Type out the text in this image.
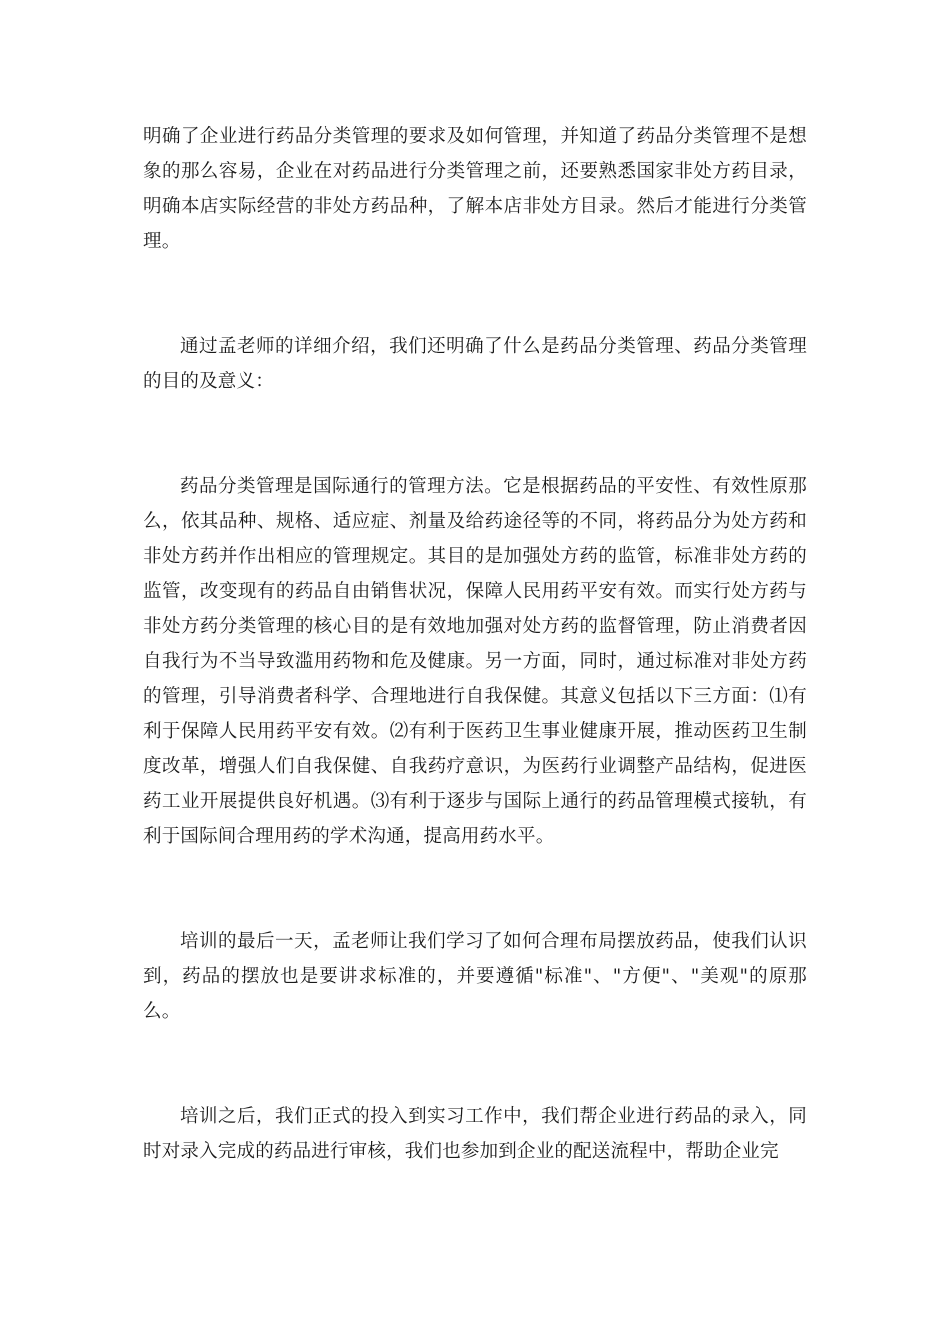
明确了企业进行药品分类管理的要求及如何管理，并知道了药品分类管理不是想象的那么容易，企业在对药品进行分类管理之前，还要熟悉国家非处方药目录，明确本店实际经营的非处方药品种，了解本店非处方目录。然后才能进行分类管理。

通过孟老师的详细介绍，我们还明确了什么是药品分类管理、药品分类管理的目的及意义：

药品分类管理是国际通行的管理方法。它是根据药品的平安性、有效性原那么，依其品种、规格、适应症、剂量及给药途径等的不同，将药品分为处方药和非处方药并作出相应的管理规定。其目的是加强处方药的监管，标准非处方药的监管，改变现有的药品自由销售状况，保障人民用药平安有效。而实行处方药与非处方药分类管理的核心目的是有效地加强对处方药的监督管理，防止消费者因自我行为不当导致滥用药物和危及健康。另一方面，同时，通过标准对非处方药的管理，引导消费者科学、合理地进行自我保健。其意义包括以下三方面：⑴有利于保障人民用药平安有效。⑵有利于医药卫生事业健康开展，推动医药卫生制度改革，增强人们自我保健、自我药疗意识，为医药行业调整产品结构，促进医药工业开展提供良好机遇。⑶有利于逐步与国际上通行的药品管理模式接轨，有利于国际间合理用药的学术沟通，提高用药水平。

培训的最后一天，孟老师让我们学习了如何合理布局摆放药品，使我们认识到，药品的摆放也是要讲求标准的，并要遵循"标准"、"方便"、"美观"的原那么。

培训之后，我们正式的投入到实习工作中，我们帮企业进行药品的录入，同时对录入完成的药品进行审核，我们也参加到企业的配送流程中，帮助企业完
